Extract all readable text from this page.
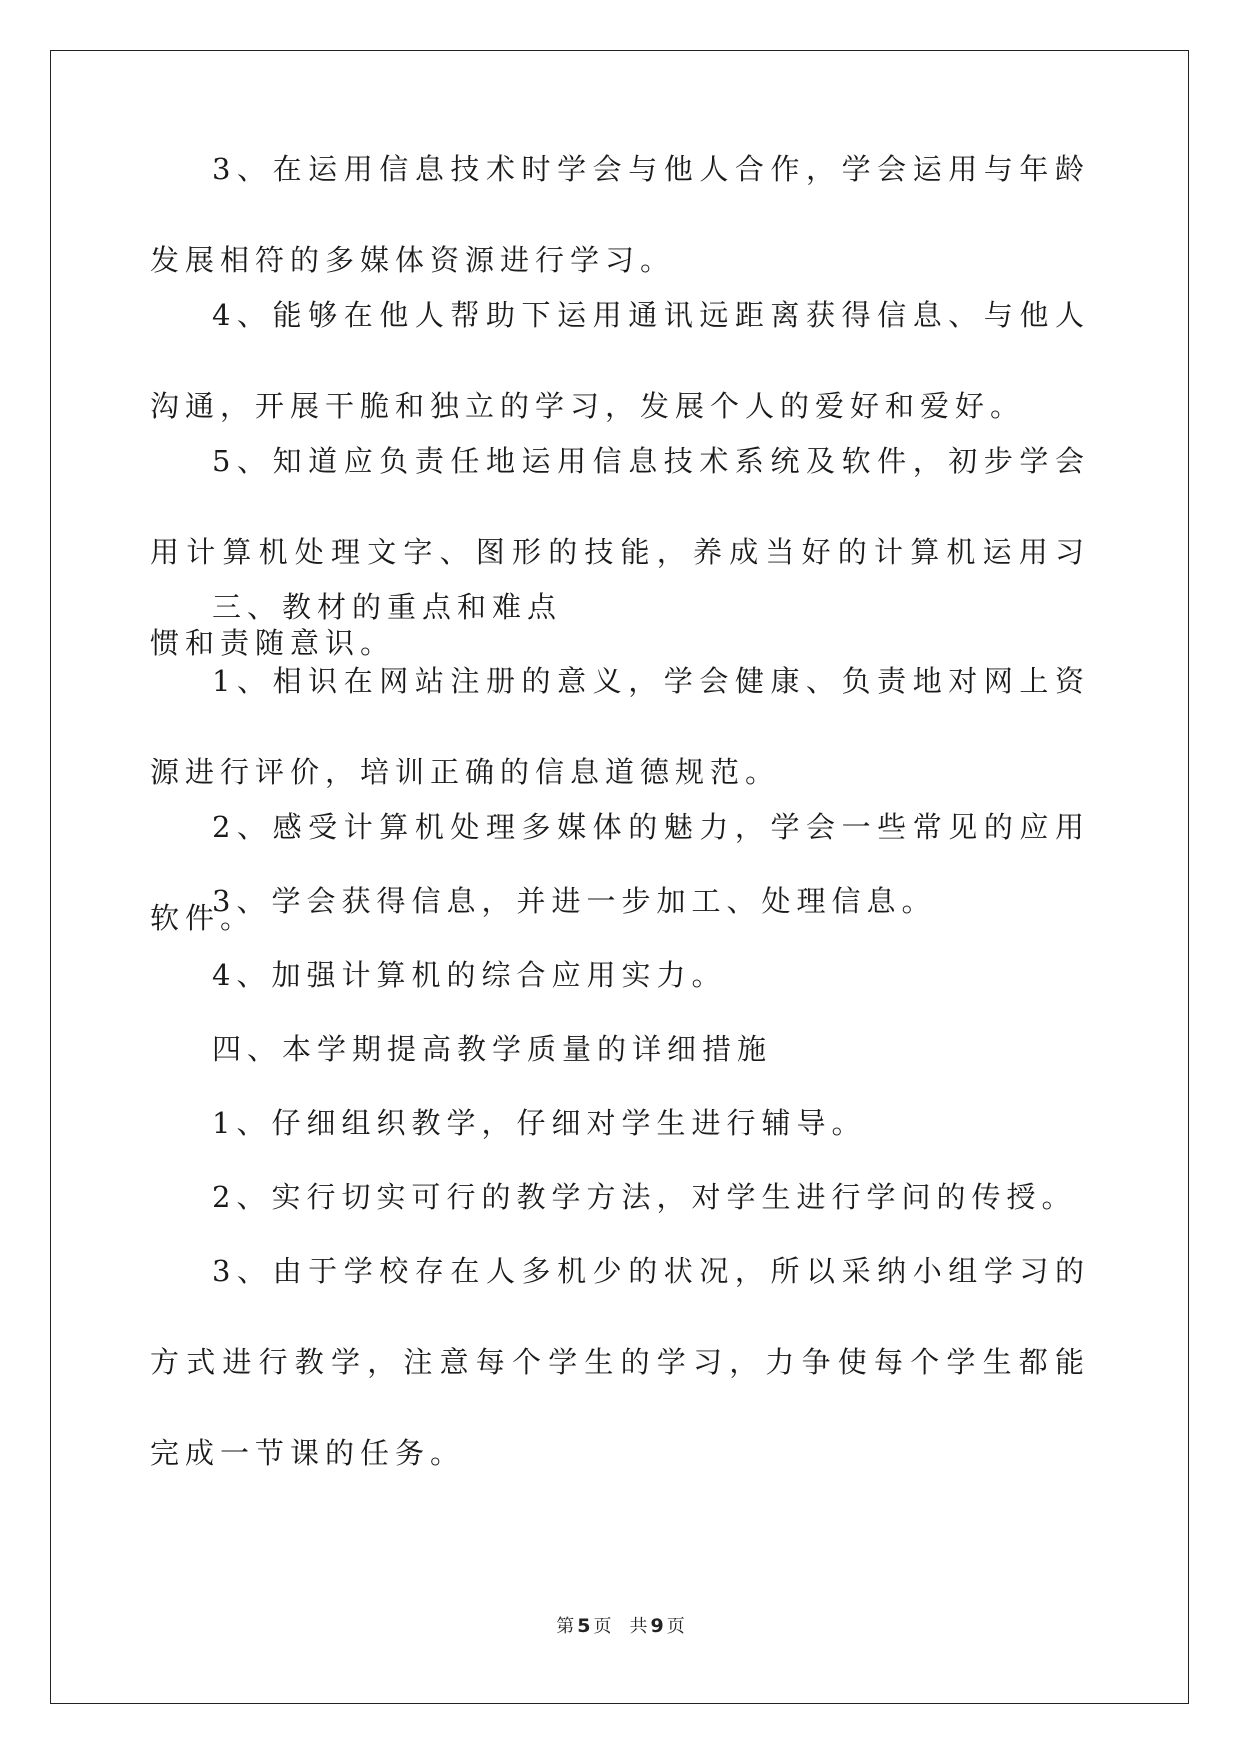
3、在运用信息技术时学会与他人合作，学会运用与年龄发展相符的多媒体资源进行学习。

4、能够在他人帮助下运用通讯远距离获得信息、与他人沟通，开展干脆和独立的学习，发展个人的爱好和爱好。

5、知道应负责任地运用信息技术系统及软件，初步学会用计算机处理文字、图形的技能，养成当好的计算机运用习惯和责随意识。

三、教材的重点和难点

1、相识在网站注册的意义，学会健康、负责地对网上资源进行评价，培训正确的信息道德规范。

2、感受计算机处理多媒体的魅力，学会一些常见的应用软件。

3、学会获得信息，并进一步加工、处理信息。

4、加强计算机的综合应用实力。

四、本学期提高教学质量的详细措施

1、仔细组织教学，仔细对学生进行辅导。

2、实行切实可行的教学方法，对学生进行学问的传授。

3、由于学校存在人多机少的状况，所以采纳小组学习的方式进行教学，注意每个学生的学习，力争使每个学生都能完成一节课的任务。

第 5 页 共 9 页
